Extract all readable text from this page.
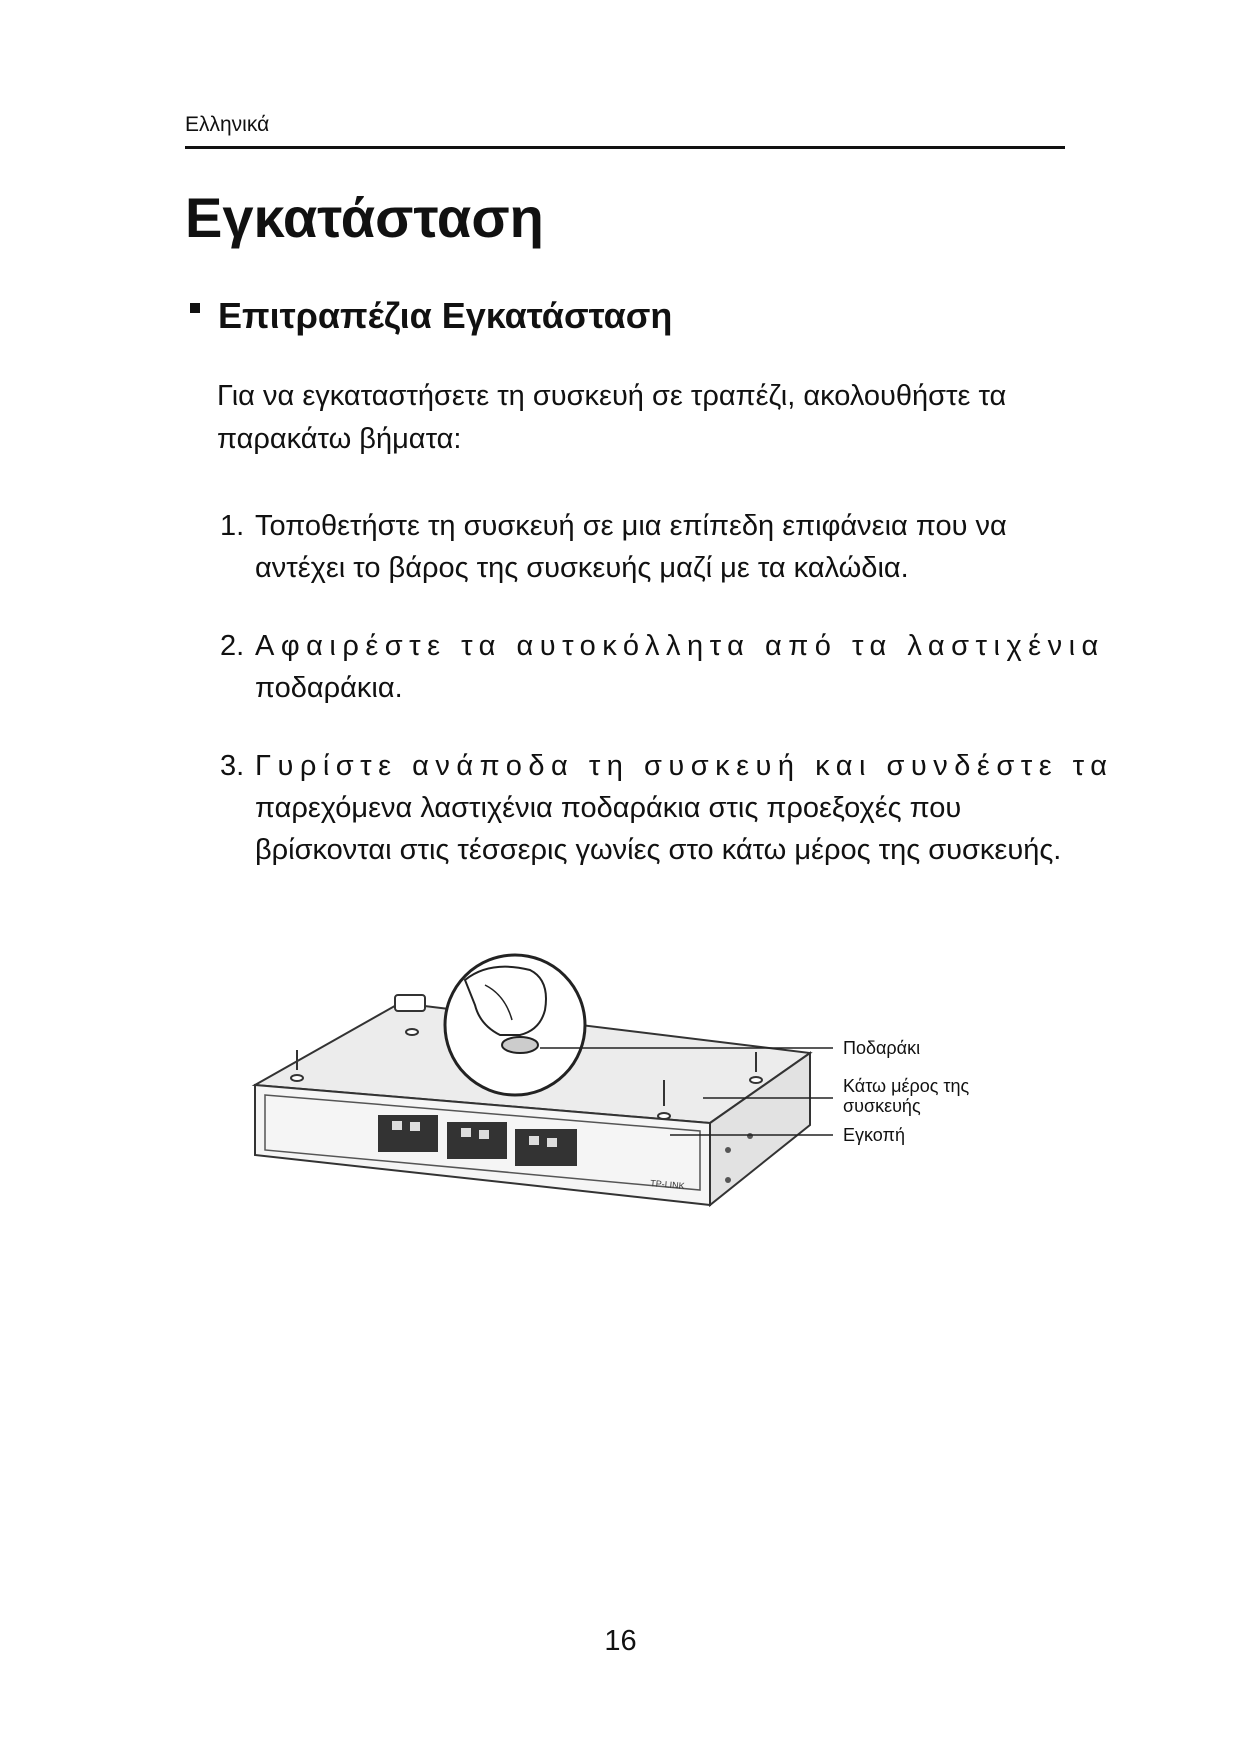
Ελληνικά
Εγκατάσταση
Επιτραπέζια Εγκατάσταση
Για να εγκαταστήσετε τη συσκευή σε τραπέζι, ακολουθήστε τα παρακάτω βήματα:
1. Τοποθετήστε τη συσκευή σε μια επίπεδη επιφάνεια που να αντέχει το βάρος της συσκευής μαζί με τα καλώδια.
2. Αφαιρέστε τα αυτοκόλλητα από τα λαστιχένια
ποδαράκια.
3. Γυρίστε ανάποδα τη συσκευή και συνδέστε τα
παρεχόμενα λαστιχένια ποδαράκια στις προεξοχές που βρίσκονται στις τέσσερις γωνίες στο κάτω μέρος της συσκευής.
TP-LINK
Ποδαράκι
Κάτω μέρος της
συσκευής
Εγκοπή
16
